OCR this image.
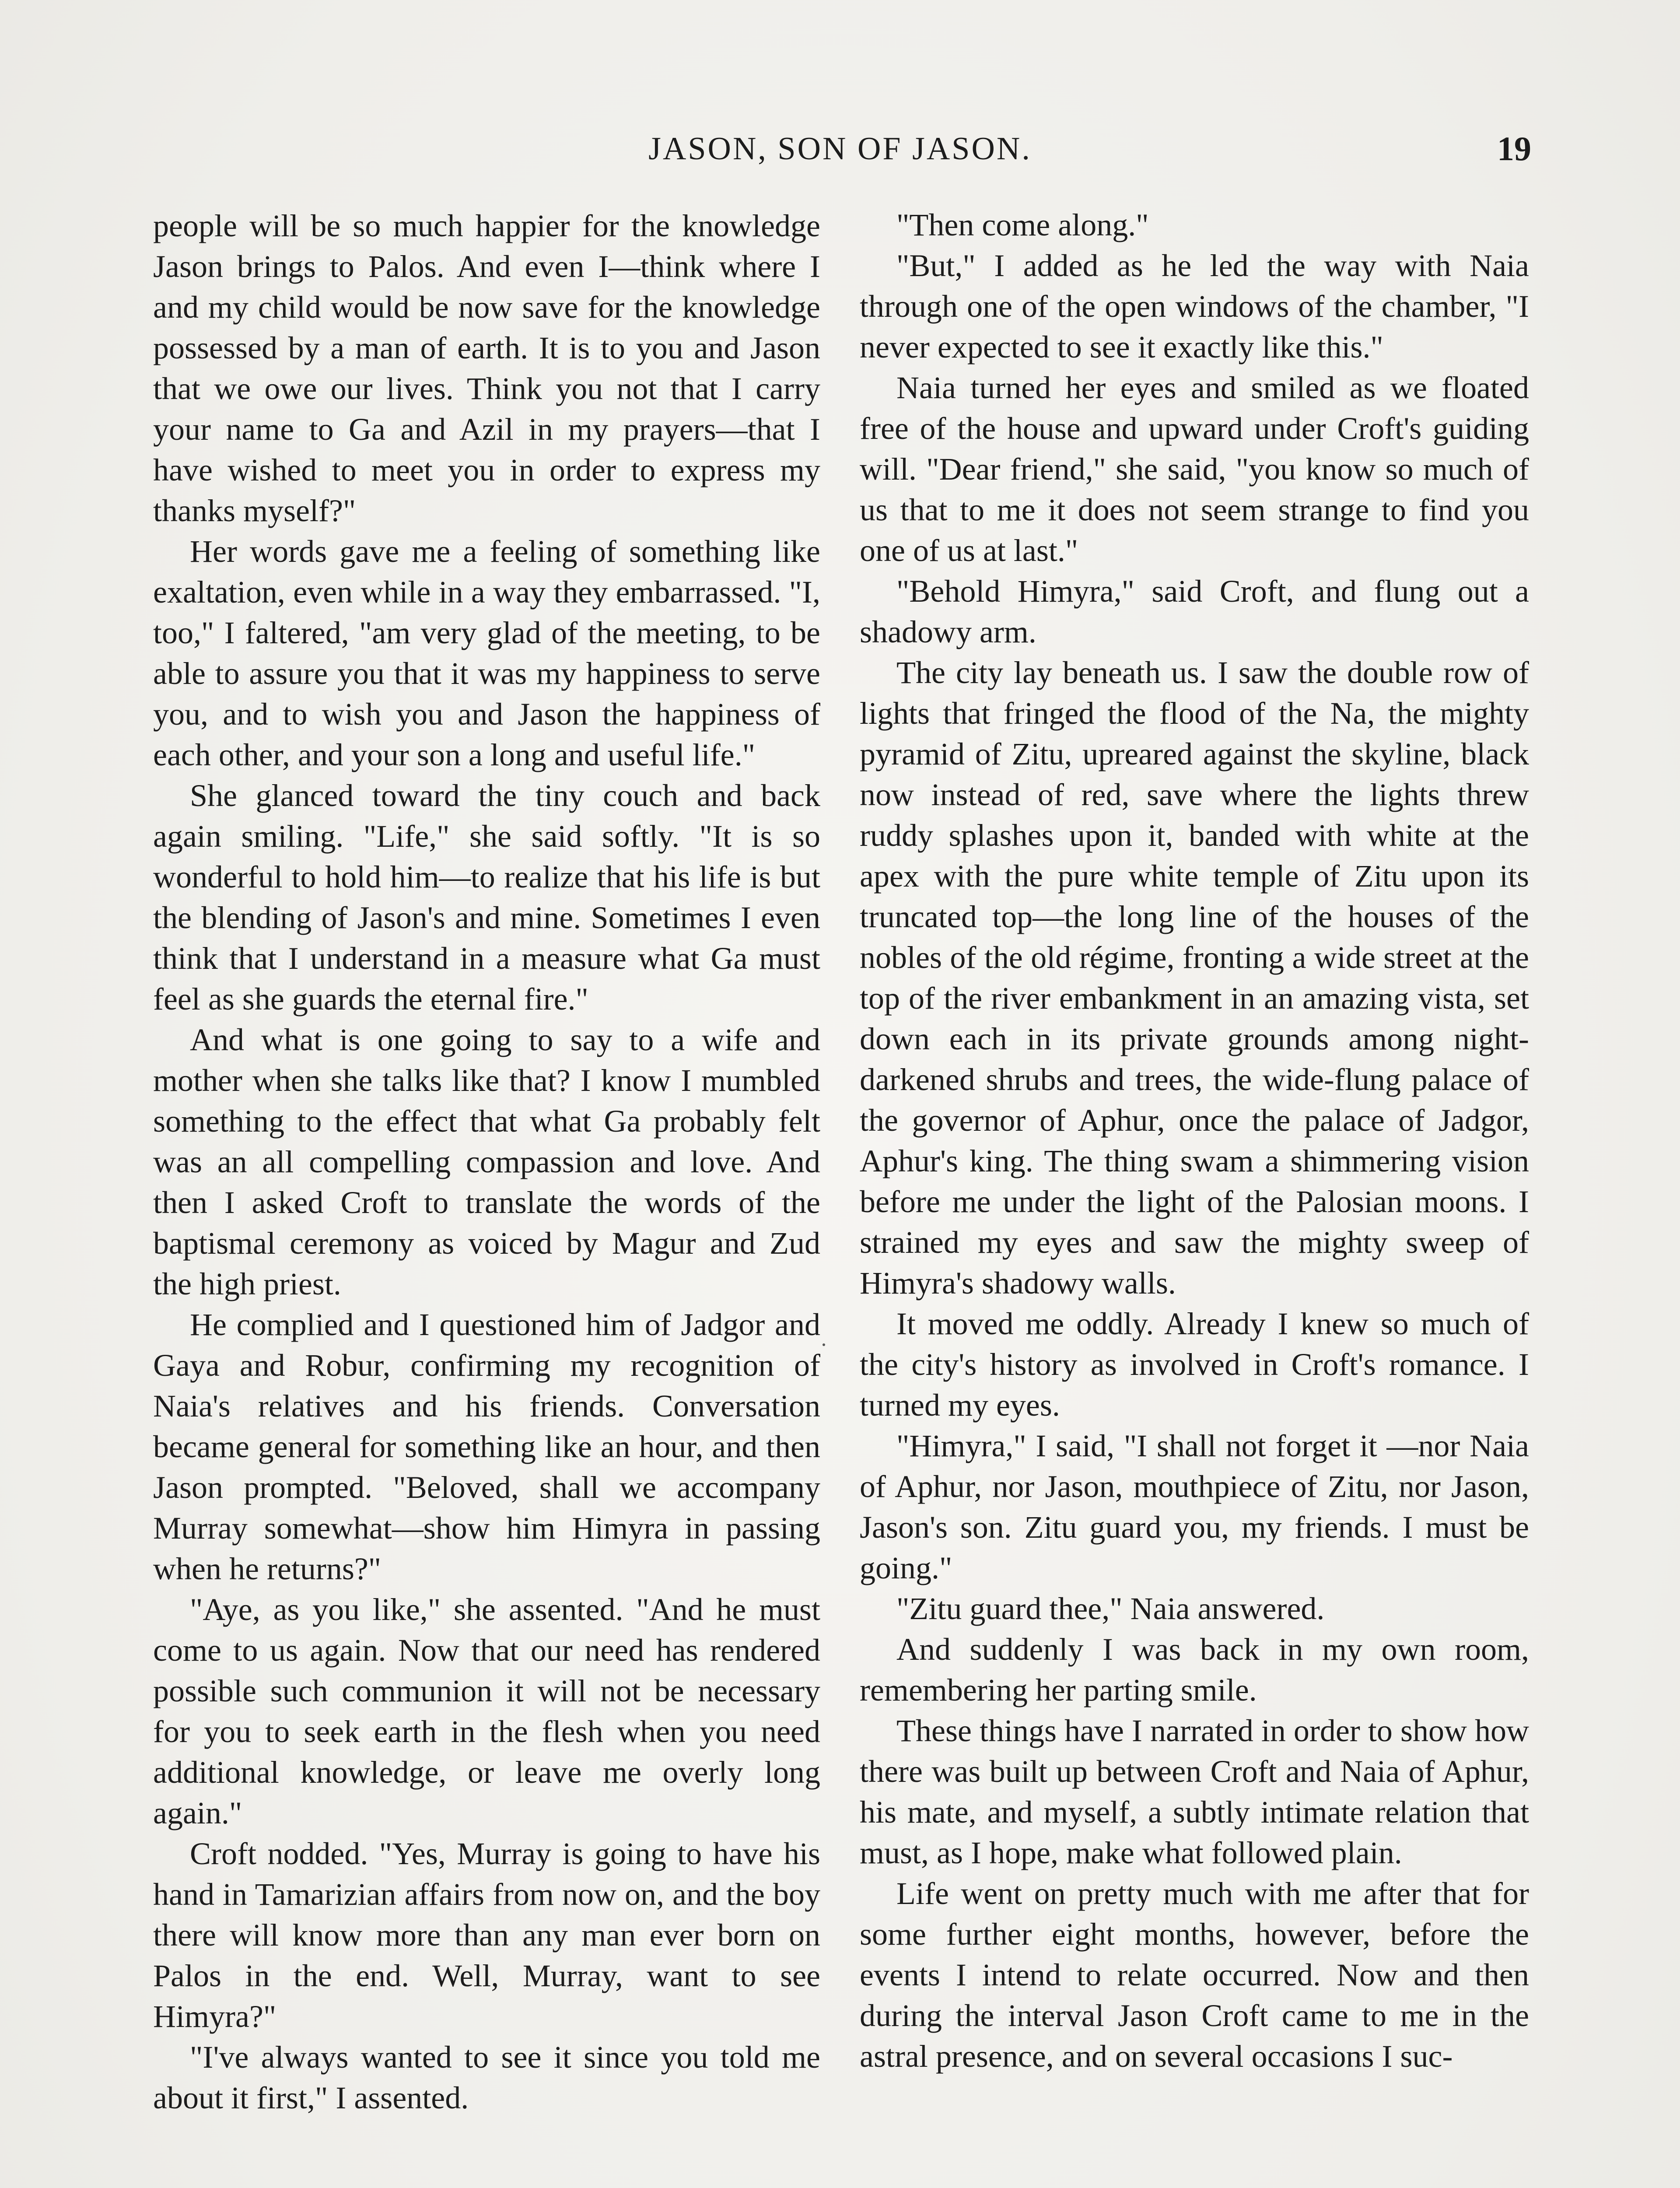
JASON, SON OF JASON.	19

people will be so much happier for the knowledge Jason brings to Palos. And even I—think where I and my child would be now save for the knowledge possessed by a man of earth. It is to you and Jason that we owe our lives. Think you not that I carry your name to Ga and Azil in my prayers—that I have wished to meet you in order to express my thanks myself?"

Her words gave me a feeling of something like exaltation, even while in a way they embarrassed. "I, too," I faltered, "am very glad of the meeting, to be able to assure you that it was my happiness to serve you, and to wish you and Jason the happiness of each other, and your son a long and useful life."

She glanced toward the tiny couch and back again smiling. "Life," she said softly. "It is so wonderful to hold him—to realize that his life is but the blending of Jason's and mine. Sometimes I even think that I understand in a measure what Ga must feel as she guards the eternal fire."

And what is one going to say to a wife and mother when she talks like that? I know I mumbled something to the effect that what Ga probably felt was an all compelling compassion and love. And then I asked Croft to translate the words of the baptismal ceremony as voiced by Magur and Zud the high priest.

He complied and I questioned him of Jadgor and Gaya and Robur, confirming my recognition of Naia's relatives and his friends. Conversation became general for something like an hour, and then Jason prompted. "Beloved, shall we accompany Murray somewhat—show him Himyra in passing when he returns?"

"Aye, as you like," she assented. "And he must come to us again. Now that our need has rendered possible such communion it will not be necessary for you to seek earth in the flesh when you need additional knowledge, or leave me overly long again."

Croft nodded. "Yes, Murray is going to have his hand in Tamarizian affairs from now on, and the boy there will know more than any man ever born on Palos in the end. Well, Murray, want to see Himyra?"

"I've always wanted to see it since you told me about it first," I assented.

"Then come along."

"But," I added as he led the way with Naia through one of the open windows of the chamber, "I never expected to see it exactly like this."

Naia turned her eyes and smiled as we floated free of the house and upward under Croft's guiding will. "Dear friend," she said, "you know so much of us that to me it does not seem strange to find you one of us at last."

"Behold Himyra," said Croft, and flung out a shadowy arm.

The city lay beneath us. I saw the double row of lights that fringed the flood of the Na, the mighty pyramid of Zitu, upreared against the skyline, black now instead of red, save where the lights threw ruddy splashes upon it, banded with white at the apex with the pure white temple of Zitu upon its truncated top—the long line of the houses of the nobles of the old régime, fronting a wide street at the top of the river embankment in an amazing vista, set down each in its private grounds among night-darkened shrubs and trees, the wide-flung palace of the governor of Aphur, once the palace of Jadgor, Aphur's king. The thing swam a shimmering vision before me under the light of the Palosian moons. I strained my eyes and saw the mighty sweep of Himyra's shadowy walls.

It moved me oddly. Already I knew so much of the city's history as involved in Croft's romance. I turned my eyes.

"Himyra," I said, "I shall not forget it —nor Naia of Aphur, nor Jason, mouthpiece of Zitu, nor Jason, Jason's son. Zitu guard you, my friends. I must be going."

"Zitu guard thee," Naia answered.

And suddenly I was back in my own room, remembering her parting smile.

These things have I narrated in order to show how there was built up between Croft and Naia of Aphur, his mate, and myself, a subtly intimate relation that must, as I hope, make what followed plain.

Life went on pretty much with me after that for some further eight months, however, before the events I intend to relate occurred. Now and then during the interval Jason Croft came to me in the astral presence, and on several occasions I suc-
